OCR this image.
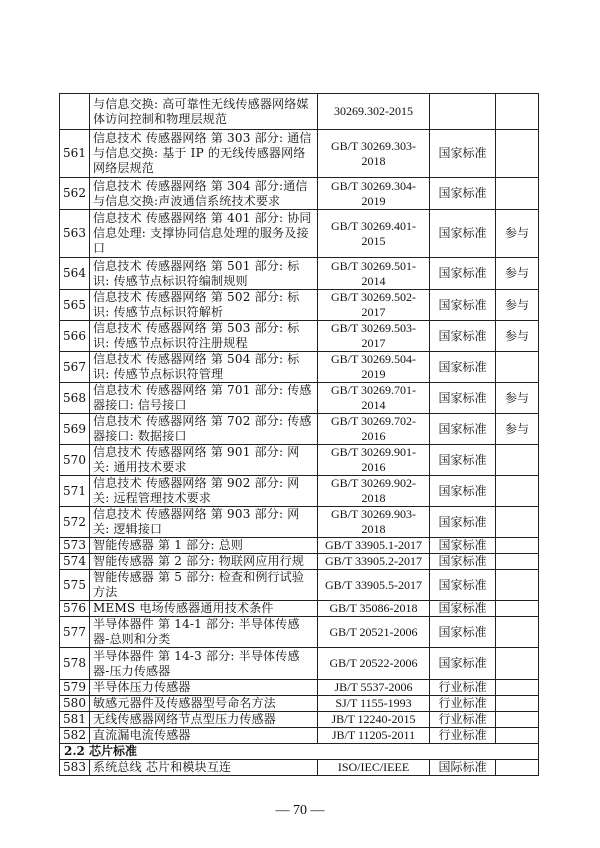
	与信息交换: 高可靠性无线传感器网络媒体访问控制和物理层规范	30269.302-2015		
561	信息技术 传感器网络 第 303 部分: 通信与信息交换: 基于 IP 的无线传感器网络网络层规范	GB/T 30269.303-2018	国家标准	
562	信息技术 传感器网络 第 304 部分:通信与信息交换:声波通信系统技术要求	GB/T 30269.304-2019	国家标准	
563	信息技术 传感器网络 第 401 部分: 协同信息处理: 支撑协同信息处理的服务及接口	GB/T 30269.401-2015	国家标准	参与
564	信息技术 传感器网络 第 501 部分: 标识: 传感节点标识符编制规则	GB/T 30269.501-2014	国家标准	参与
565	信息技术 传感器网络 第 502 部分: 标识: 传感节点标识符解析	GB/T 30269.502-2017	国家标准	参与
566	信息技术 传感器网络 第 503 部分: 标识: 传感节点标识符注册规程	GB/T 30269.503-2017	国家标准	参与
567	信息技术 传感器网络 第 504 部分: 标识: 传感节点标识符管理	GB/T 30269.504-2019	国家标准	
568	信息技术 传感器网络 第 701 部分: 传感器接口: 信号接口	GB/T 30269.701-2014	国家标准	参与
569	信息技术 传感器网络 第 702 部分: 传感器接口: 数据接口	GB/T 30269.702-2016	国家标准	参与
570	信息技术 传感器网络 第 901 部分: 网关: 通用技术要求	GB/T 30269.901-2016	国家标准	
571	信息技术 传感器网络 第 902 部分: 网关: 远程管理技术要求	GB/T 30269.902-2018	国家标准	
572	信息技术 传感器网络 第 903 部分: 网关: 逻辑接口	GB/T 30269.903-2018	国家标准	
573	智能传感器 第 1 部分: 总则	GB/T 33905.1-2017	国家标准	
574	智能传感器 第 2 部分: 物联网应用行规	GB/T 33905.2-2017	国家标准	
575	智能传感器 第 5 部分: 检查和例行试验方法	GB/T 33905.5-2017	国家标准	
576	MEMS 电场传感器通用技术条件	GB/T 35086-2018	国家标准	
577	半导体器件 第 14-1 部分: 半导体传感器-总则和分类	GB/T 20521-2006	国家标准	
578	半导体器件 第 14-3 部分: 半导体传感器-压力传感器	GB/T 20522-2006	国家标准	
579	半导体压力传感器	JB/T 5537-2006	行业标准	
580	敏感元器件及传感器型号命名方法	SJ/T 1155-1993	行业标准	
581	无线传感器网络节点型压力传感器	JB/T 12240-2015	行业标准	
582	直流漏电流传感器	JB/T 11205-2011	行业标准	
2.2 芯片标准				
583	系统总线 芯片和模块互连	ISO/IEC/IEEE	国际标准	
— 70 —
